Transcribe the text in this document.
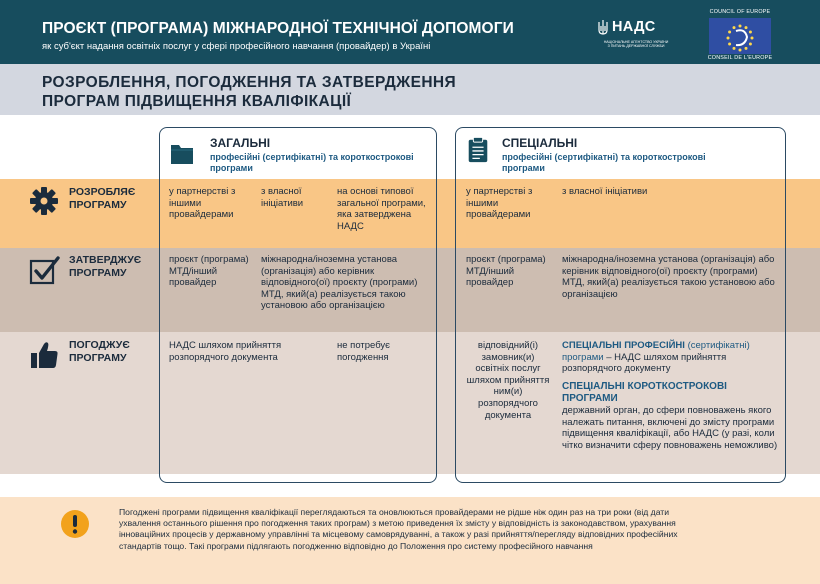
ПРОЄКТ (ПРОГРАМА) МІЖНАРОДНОЇ ТЕХНІЧНОЇ ДОПОМОГИ
як суб'єкт надання освітніх послуг у сфері професійного навчання (провайдер) в Україні
НАДС
НАЦІОНАЛЬНЕ АГЕНТСТВО УКРАЇНИ
З ПИТАНЬ ДЕРЖАВНОЇ СЛУЖБИ
COUNCIL OF EUROPE
CONSEIL DE L'EUROPE
РОЗРОБЛЕННЯ, ПОГОДЖЕННЯ ТА ЗАТВЕРДЖЕННЯ
ПРОГРАМ ПІДВИЩЕННЯ КВАЛІФІКАЦІЇ
ЗАГАЛЬНІ
професійні (сертифікатні) та короткострокові програми
СПЕЦІАЛЬНІ
професійні (сертифікатні) та короткострокові програми
РОЗРОБЛЯЄ ПРОГРАМУ
у партнерстві з іншими провайдерами
з власної ініціативи
на основі типової загальної програми, яка затверджена НАДС
у партнерстві з іншими провайдерами
з власної ініціативи
ЗАТВЕРДЖУЄ ПРОГРАМУ
проєкт (програма) МТД/інший провайдер
міжнародна/іноземна установа (організація) або керівник відповідного(ої) проєкту (програми) МТД, який(а) реалізується такою установою або організацією
проєкт (програма) МТД/інший провайдер
міжнародна/іноземна установа (організація) або керівник відповідного(ої) проєкту (програми) МТД, який(а) реалізується такою установою або організацією
ПОГОДЖУЄ ПРОГРАМУ
НАДС шляхом прийняття розпорядчого документа
не потребує погодження
відповідний(і) замовник(и) освітніх послуг шляхом прийняття ним(и) розпорядчого документа
СПЕЦІАЛЬНІ ПРОФЕСІЙНІ (сертифікатні) програми – НАДС шляхом прийняття розпорядчого документу
СПЕЦІАЛЬНІ КОРОТКОСТРОКОВІ ПРОГРАМИ
державний орган, до сфери повноважень якого належать питання, включені до змісту програми підвищення кваліфікації, або НАДС (у разі, коли чітко визначити сферу повноважень неможливо)
Погоджені програми підвищення кваліфікації переглядаються та оновлюються провайдерами не рідше ніж один раз на три роки (від дати ухвалення останнього рішення про погодження таких програм) з метою приведення їх змісту у відповідність із законодавством, урахування інноваційних процесів у державному управлінні та місцевому самоврядуванні, а також у разі прийняття/перегляду відповідних професійних стандартів тощо. Такі програми підлягають погодженню відповідно до Положення про систему професійного навчання
